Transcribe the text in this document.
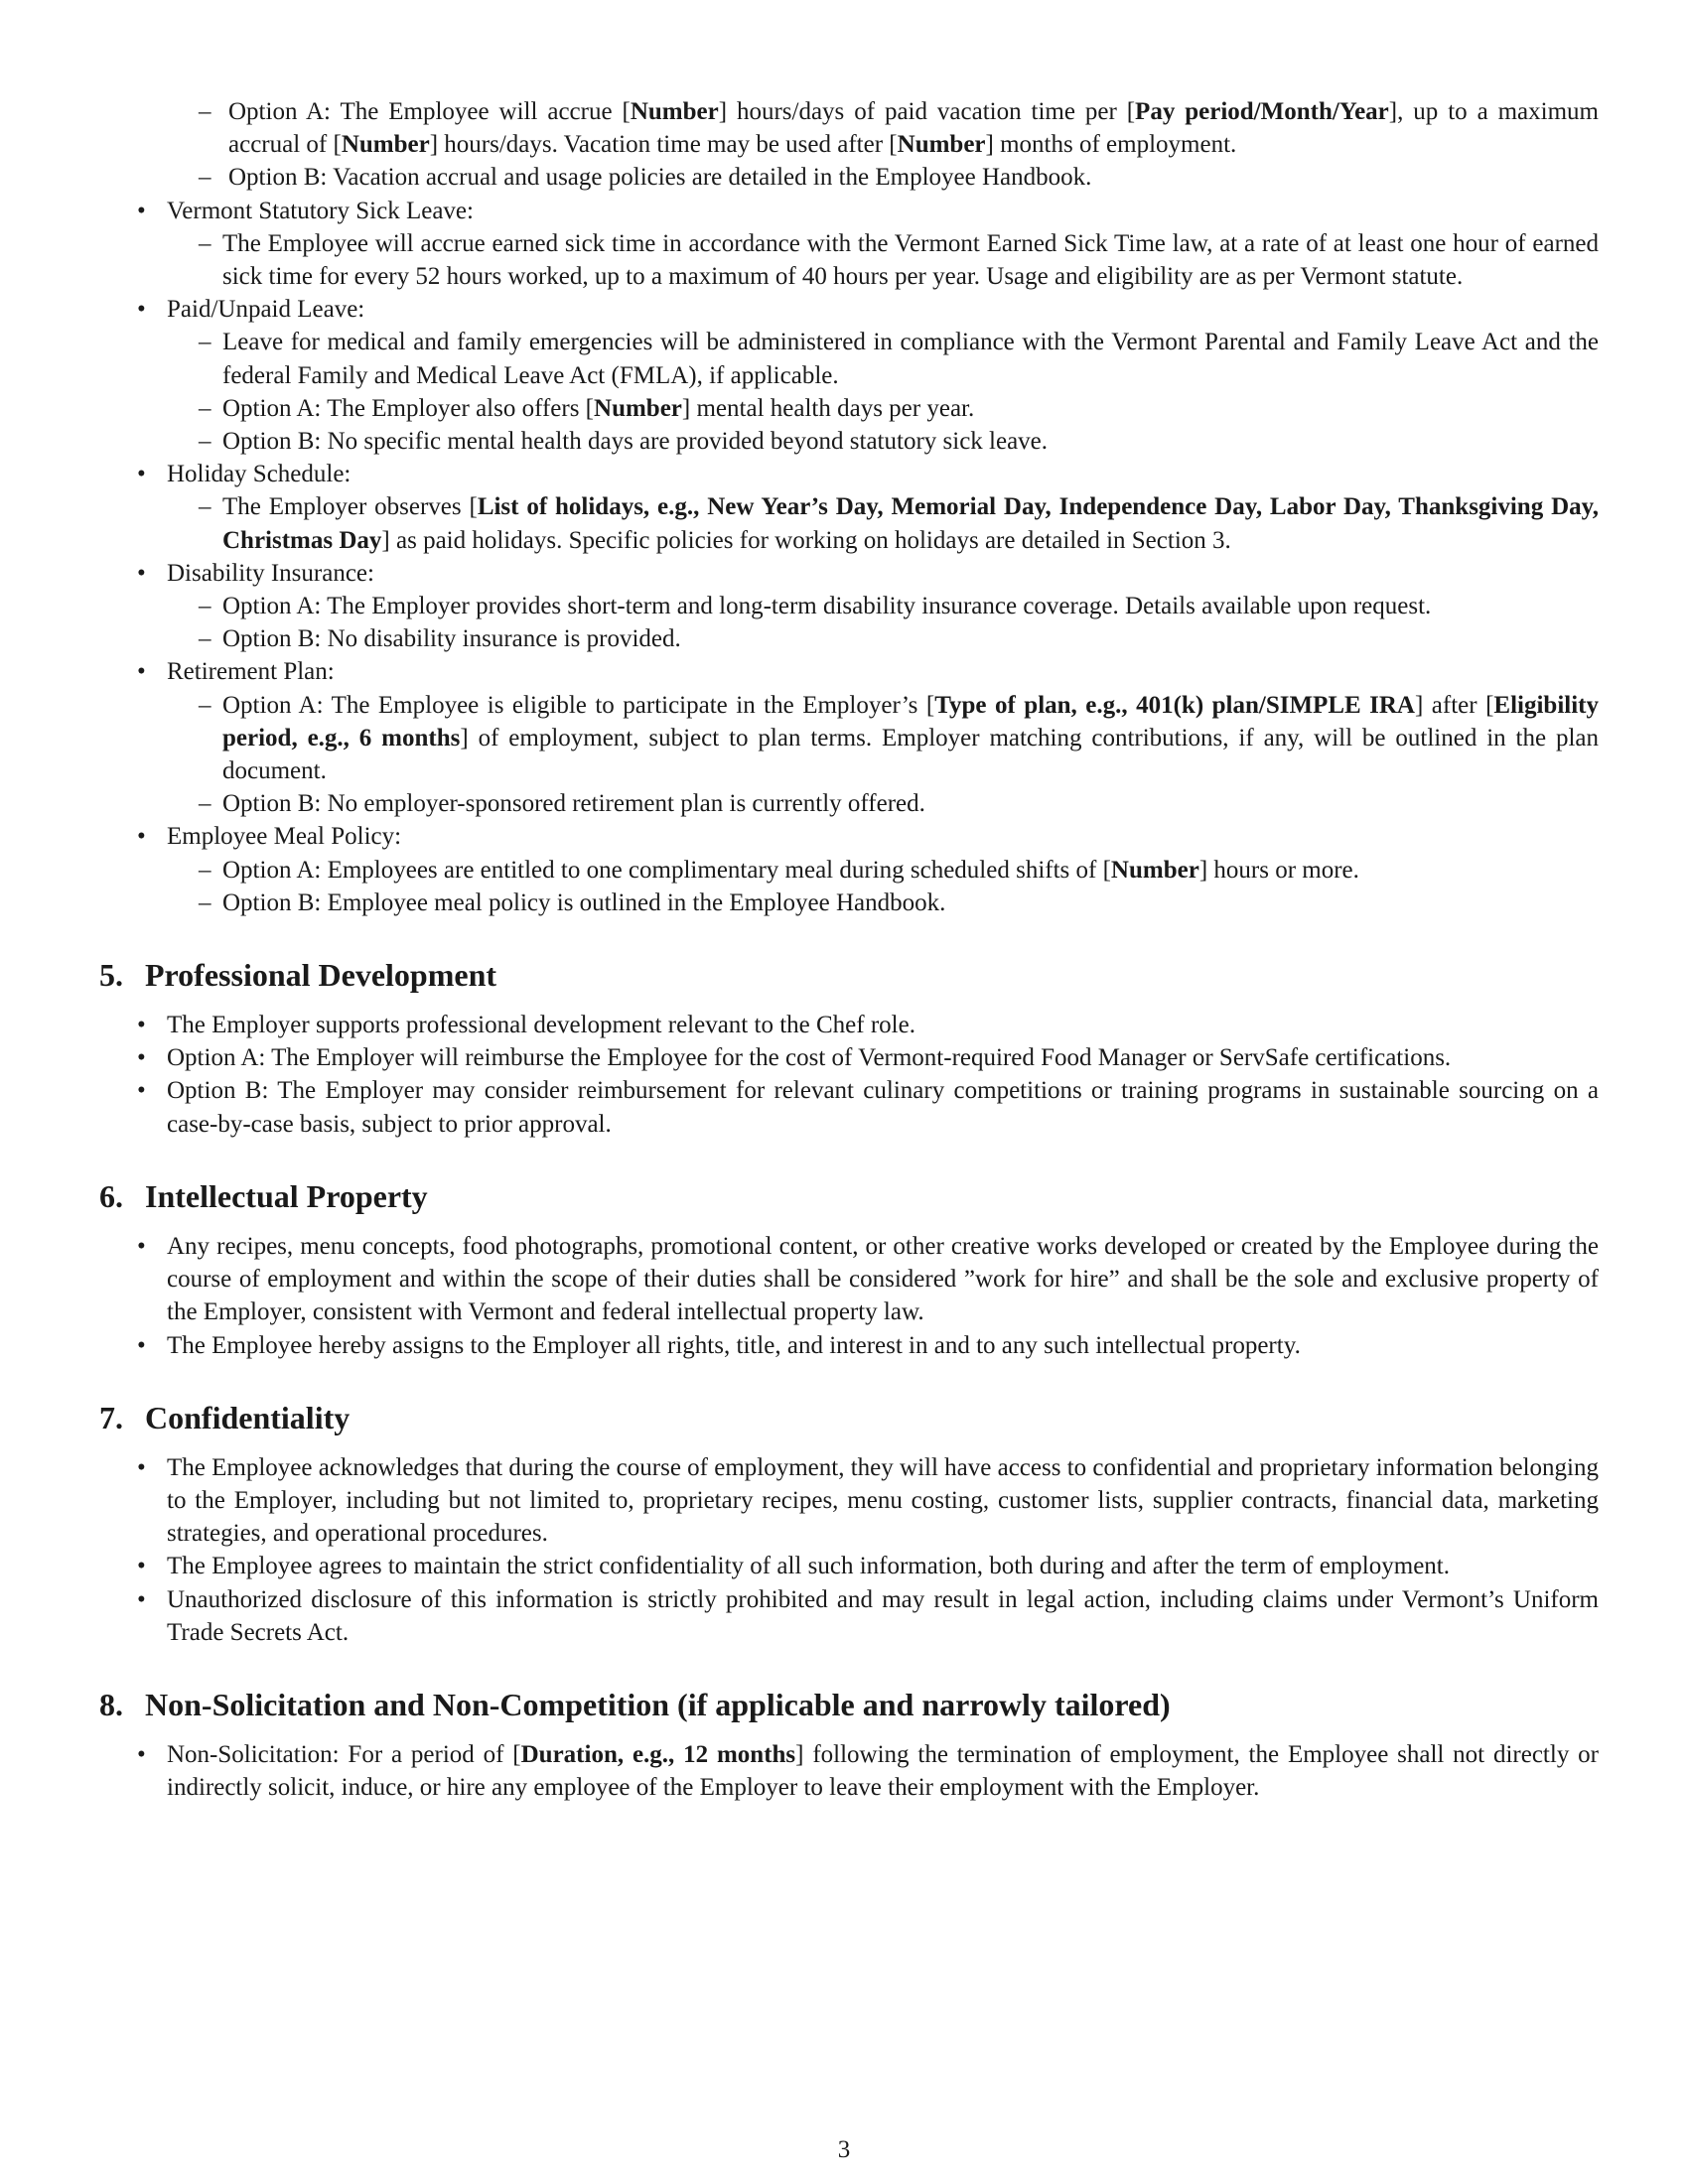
– Option A: The Employee will accrue [Number] hours/days of paid vacation time per [Pay period/Month/Year], up to a maximum accrual of [Number] hours/days. Vacation time may be used after [Number] months of employment.
– Option B: Vacation accrual and usage policies are detailed in the Employee Handbook.
• Vermont Statutory Sick Leave:
– The Employee will accrue earned sick time in accordance with the Vermont Earned Sick Time law, at a rate of at least one hour of earned sick time for every 52 hours worked, up to a maximum of 40 hours per year. Usage and eligibility are as per Vermont statute.
• Paid/Unpaid Leave:
– Leave for medical and family emergencies will be administered in compliance with the Vermont Parental and Family Leave Act and the federal Family and Medical Leave Act (FMLA), if applicable.
– Option A: The Employer also offers [Number] mental health days per year.
– Option B: No specific mental health days are provided beyond statutory sick leave.
• Holiday Schedule:
– The Employer observes [List of holidays, e.g., New Year’s Day, Memorial Day, Independence Day, Labor Day, Thanksgiving Day, Christmas Day] as paid holidays. Specific policies for working on holidays are detailed in Section 3.
• Disability Insurance:
– Option A: The Employer provides short-term and long-term disability insurance coverage. Details available upon request.
– Option B: No disability insurance is provided.
• Retirement Plan:
– Option A: The Employee is eligible to participate in the Employer’s [Type of plan, e.g., 401(k) plan/SIMPLE IRA] after [Eligibility period, e.g., 6 months] of employment, subject to plan terms. Employer matching contributions, if any, will be outlined in the plan document.
– Option B: No employer-sponsored retirement plan is currently offered.
• Employee Meal Policy:
– Option A: Employees are entitled to one complimentary meal during scheduled shifts of [Number] hours or more.
– Option B: Employee meal policy is outlined in the Employee Handbook.
5. Professional Development
• The Employer supports professional development relevant to the Chef role.
• Option A: The Employer will reimburse the Employee for the cost of Vermont-required Food Manager or ServSafe certifications.
• Option B: The Employer may consider reimbursement for relevant culinary competitions or training programs in sustainable sourcing on a case-by-case basis, subject to prior approval.
6. Intellectual Property
• Any recipes, menu concepts, food photographs, promotional content, or other creative works developed or created by the Employee during the course of employment and within the scope of their duties shall be considered ”work for hire” and shall be the sole and exclusive property of the Employer, consistent with Vermont and federal intellectual property law.
• The Employee hereby assigns to the Employer all rights, title, and interest in and to any such intellectual property.
7. Confidentiality
• The Employee acknowledges that during the course of employment, they will have access to confidential and proprietary information belonging to the Employer, including but not limited to, proprietary recipes, menu costing, customer lists, supplier contracts, financial data, marketing strategies, and operational procedures.
• The Employee agrees to maintain the strict confidentiality of all such information, both during and after the term of employment.
• Unauthorized disclosure of this information is strictly prohibited and may result in legal action, including claims under Vermont’s Uniform Trade Secrets Act.
8. Non-Solicitation and Non-Competition (if applicable and narrowly tailored)
• Non-Solicitation: For a period of [Duration, e.g., 12 months] following the termination of employment, the Employee shall not directly or indirectly solicit, induce, or hire any employee of the Employer to leave their employment with the Employer.
3
